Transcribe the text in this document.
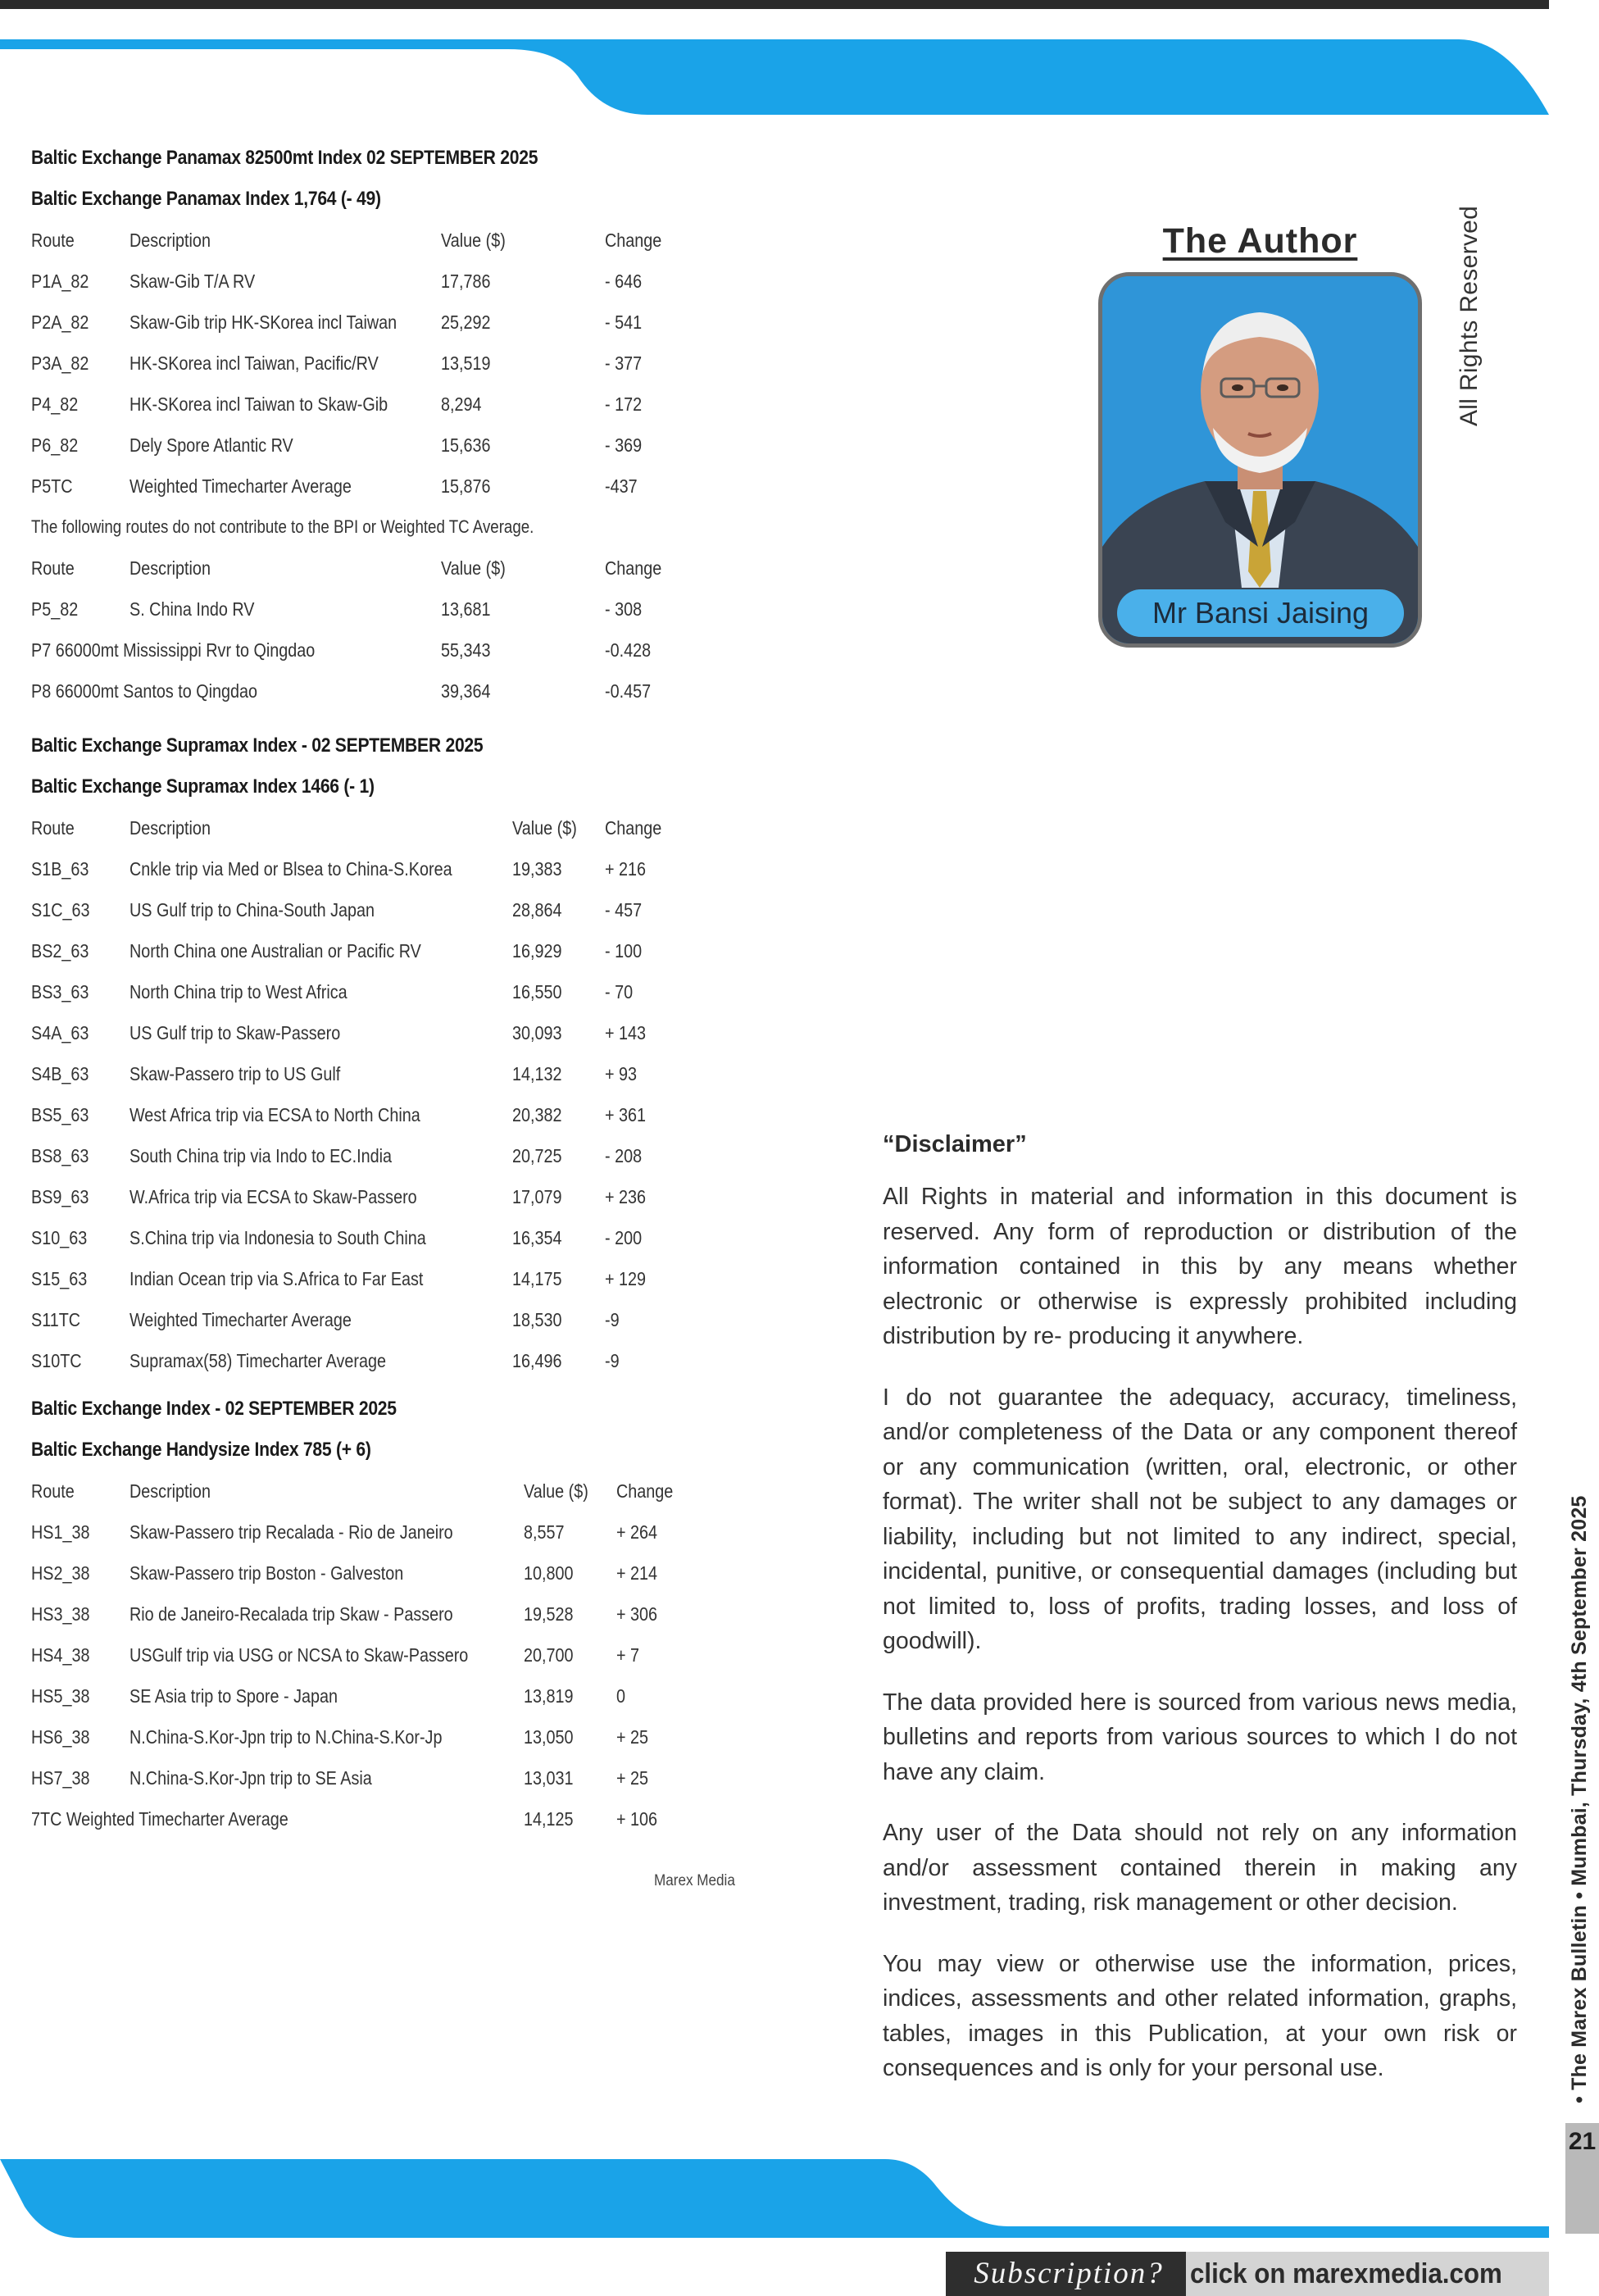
Baltic Exchange Panamax 82500mt Index 02 SEPTEMBER 2025
Baltic Exchange Panamax Index 1,764 (- 49)
Route	Description	Value ($)	Change
P1A_82	Skaw-Gib T/A RV	17,786	- 646
P2A_82	Skaw-Gib trip HK-SKorea incl Taiwan	25,292	- 541
P3A_82	HK-SKorea incl Taiwan, Pacific/RV	13,519	- 377
P4_82	HK-SKorea incl Taiwan to Skaw-Gib	8,294	- 172
P6_82	Dely Spore Atlantic RV	15,636	- 369
P5TC	Weighted Timecharter Average	15,876	-437
The following routes do not contribute to the BPI or Weighted TC Average.
Route	Description	Value ($)	Change
P5_82	S. China Indo RV	13,681	- 308
P7 66000mt Mississippi Rvr to Qingdao		55,343	-0.428
P8 66000mt Santos to Qingdao		39,364	-0.457
Baltic Exchange Supramax Index - 02 SEPTEMBER 2025
Baltic Exchange Supramax Index 1466 (- 1)
Route	Description	Value ($)	Change
S1B_63	Cnkle trip via Med or Blsea to China-S.Korea	19,383	+ 216
S1C_63	US Gulf trip to China-South Japan	28,864	- 457
BS2_63	North China one Australian or Pacific RV	16,929	- 100
BS3_63	North China trip to West Africa	16,550	- 70
S4A_63	US Gulf trip to Skaw-Passero	30,093	+ 143
S4B_63	Skaw-Passero trip to US Gulf	14,132	+ 93
BS5_63	West Africa trip via ECSA to North China	20,382	+ 361
BS8_63	South China trip via Indo to EC.India	20,725	- 208
BS9_63	W.Africa trip via ECSA to Skaw-Passero	17,079	+ 236
S10_63	S.China trip via Indonesia to South China	16,354	- 200
S15_63	Indian Ocean trip via S.Africa to Far East	14,175	+ 129
S11TC	Weighted Timecharter Average	18,530	-9
S10TC	Supramax(58) Timecharter Average	16,496	-9
Baltic Exchange Index - 02 SEPTEMBER 2025
Baltic Exchange Handysize Index 785 (+ 6)
Route	Description	Value ($)	Change
HS1_38	Skaw-Passero trip Recalada - Rio de Janeiro	8,557	+ 264
HS2_38	Skaw-Passero trip Boston - Galveston	10,800	+ 214
HS3_38	Rio de Janeiro-Recalada trip Skaw - Passero	19,528	+ 306
HS4_38	USGulf trip via USG or NCSA to Skaw-Passero	20,700	+ 7
HS5_38	SE Asia trip to Spore - Japan	13,819	0
HS6_38	N.China-S.Kor-Jpn trip to N.China-S.Kor-Jp	13,050	+ 25
HS7_38	N.China-S.Kor-Jpn trip to SE Asia	13,031	+ 25
7TC Weighted Timecharter Average		14,125	+ 106
Marex Media
The Author
Mr Bansi Jaising
All Rights Reserved
“Disclaimer”

All Rights in material and information in this document is reserved. Any form of reproduction or distribution of the information contained in this by any means whether electronic or otherwise is expressly prohibited including distribution by re- producing it anywhere.

I do not guarantee the adequacy, accuracy, timeliness, and/or completeness of the Data or any component thereof or any communication (written, oral, electronic, or other format). The writer shall not be subject to any damages or liability, including but not limited to any indirect, special, incidental, punitive, or consequential damages (including but not limited to, loss of profits, trading losses, and loss of goodwill).

The data provided here is sourced from various news media, bulletins and reports from various sources to which I do not have any claim.

Any user of the Data should not rely on any information and/or assessment contained therein in making any investment, trading, risk management or other decision.

You may view or otherwise use the information, prices, indices, assessments and other related information, graphs, tables, images in this Publication, at your own risk or consequences and is only for your personal use.	• The Marex Bulletin • Mumbai, Thursday, 4th September 2025
21
Subscription? click on marexmedia.com
